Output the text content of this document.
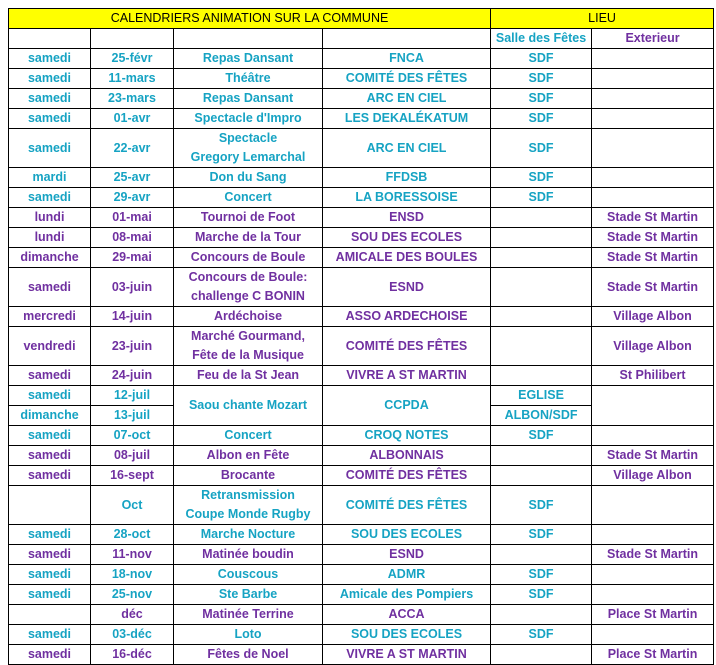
CALENDRIERS ANIMATION SUR LA COMMUNE				LIEU	
				Salle des Fêtes	Exterieur
samedi	25-févr	Repas Dansant	FNCA	SDF	
samedi	11-mars	Théâtre	COMITÉ DES FÊTES	SDF	
samedi	23-mars	Repas Dansant	ARC EN CIEL	SDF	
samedi	01-avr	Spectacle d'Impro	LES DEKALÉKATUM	SDF	
samedi	22-avr	Spectacle
Gregory Lemarchal	ARC EN CIEL	SDF	
mardi	25-avr	Don du Sang	FFDSB	SDF	
samedi	29-avr	Concert	LA BORESSOISE	SDF	
lundi	01-mai	Tournoi de Foot	ENSD		Stade St Martin
lundi	08-mai	Marche de la Tour	SOU DES ECOLES		Stade St Martin
dimanche	29-mai	Concours de Boule	AMICALE DES BOULES		Stade St Martin
samedi	03-juin	Concours de Boule:
challenge C BONIN	ESND		Stade St Martin
mercredi	14-juin	Ardéchoise	ASSO ARDECHOISE		Village Albon
vendredi	23-juin	Marché Gourmand,
Fête de la Musique	COMITÉ DES FÊTES		Village Albon
samedi	24-juin	Feu de la St Jean	VIVRE A ST MARTIN		St Philibert
samedi	12-juil	Saou chante Mozart	CCPDA	EGLISE	
dimanche	13-juil			ALBON/SDF	
samedi	07-oct	Concert	CROQ NOTES	SDF	
samedi	08-juil	Albon en Fête	ALBONNAIS		Stade St Martin
samedi	16-sept	Brocante	COMITÉ DES FÊTES		Village Albon
	Oct	Retransmission
Coupe Monde Rugby	COMITÉ DES FÊTES	SDF	
samedi	28-oct	Marche Nocture	SOU DES ECOLES	SDF	
samedi	11-nov	Matinée boudin	ESND		Stade St Martin
samedi	18-nov	Couscous	ADMR	SDF	
samedi	25-nov	Ste Barbe	Amicale des Pompiers	SDF	
	déc	Matinée Terrine	ACCA		Place St Martin
samedi	03-déc	Loto	SOU DES ECOLES	SDF	
samedi	16-déc	Fêtes de Noel	VIVRE A ST MARTIN		Place St Martin
